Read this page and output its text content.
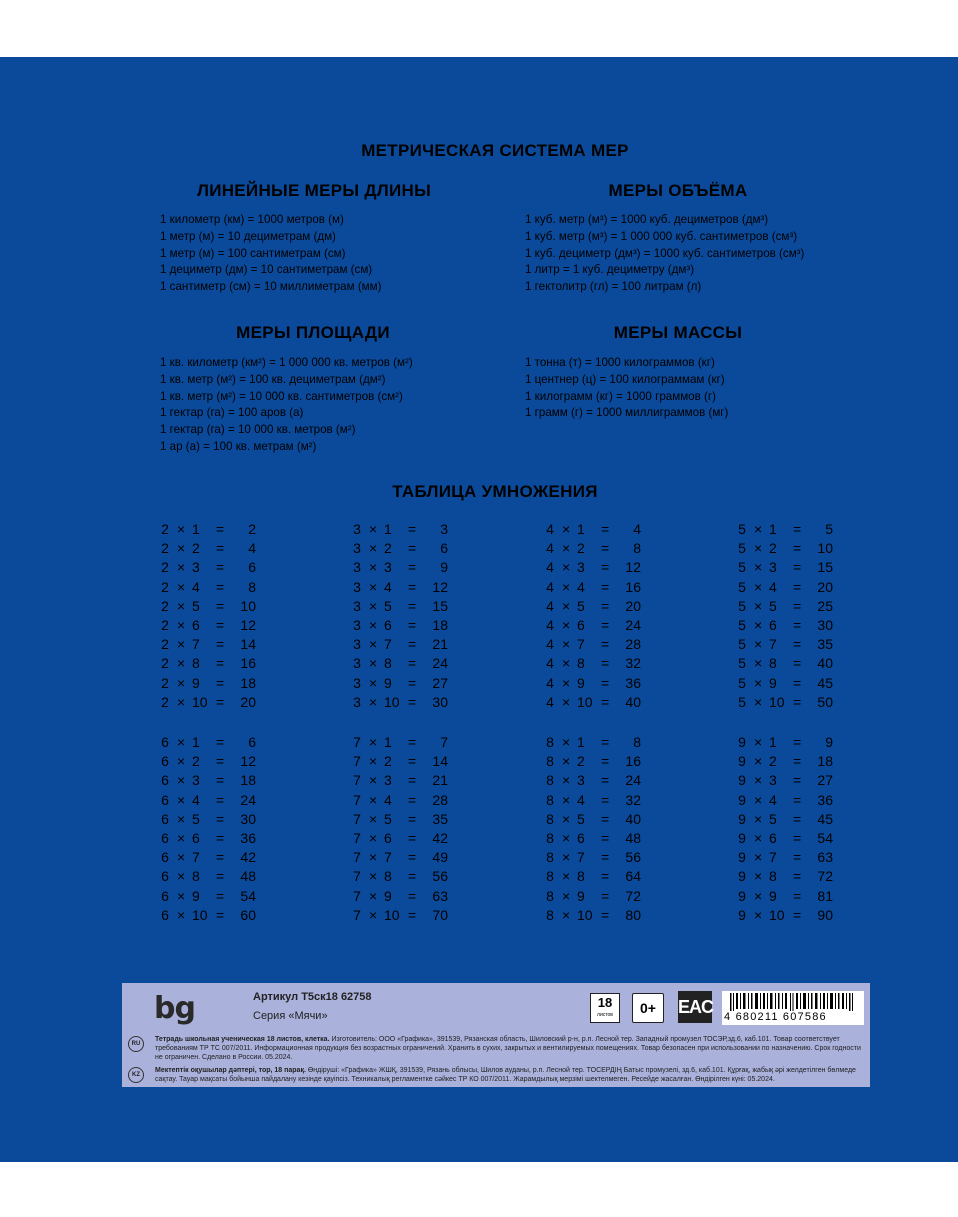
МЕТРИЧЕСКАЯ СИСТЕМА МЕР
ЛИНЕЙНЫЕ МЕРЫ ДЛИНЫ
1 километр (км) = 1000 метров (м)
1 метр (м) = 10 дециметрам (дм)
1 метр (м) = 100 сантиметрам (см)
1 дециметр (дм) = 10 сантиметрам (см)
1 сантиметр (см) = 10 миллиметрам (мм)
МЕРЫ ОБЪЁМА
1 куб. метр (м³) = 1000 куб. дециметров (дм³)
1 куб. метр (м³) = 1 000 000 куб. сантиметров (см³)
1 куб. дециметр (дм³) = 1000 куб. сантиметров (см³)
1 литр = 1 куб. дециметру (дм³)
1 гектолитр (гл) = 100 литрам (л)
МЕРЫ ПЛОЩАДИ
1 кв. километр (км²) = 1 000 000 кв. метров (м²)
1 кв. метр (м²) = 100 кв. дециметрам (дм²)
1 кв. метр (м²) = 10 000 кв. сантиметров (см²)
1 гектар (га) = 100 аров (а)
1 гектар (га) = 10 000 кв. метров (м²)
1 ар (а) = 100 кв. метрам (м²)
МЕРЫ МАССЫ
1 тонна (т) = 1000 килограммов (кг)
1 центнер (ц) = 100 килограммам (кг)
1 килограмм (кг) = 1000 граммов (г)
1 грамм (г) = 1000 миллиграммов (мг)
ТАБЛИЦА УМНОЖЕНИЯ
2 × 1	=	2
2 × 2	=	4
2 × 3	=	6
2 × 4	=	8
2 × 5	=	10
2 × 6	=	12
2 × 7	=	14
2 × 8	=	16
2 × 9	=	18
2 × 10 =	20
3 × 1	=	3
3 × 2	=	6
3 × 3	=	9
3 × 4	=	12
3 × 5	=	15
3 × 6	=	18
3 × 7	=	21
3 × 8	=	24
3 × 9	=	27
3 × 10 =	30
4 × 1	=	4
4 × 2	=	8
4 × 3	=	12
4 × 4	=	16
4 × 5	=	20
4 × 6	=	24
4 × 7	=	28
4 × 8	=	32
4 × 9	=	36
4 × 10 =	40
5 × 1	=	5
5 × 2	=	10
5 × 3	=	15
5 × 4	=	20
5 × 5	=	25
5 × 6	=	30
5 × 7	=	35
5 × 8	=	40
5 × 9	=	45
5 × 10 =	50
6 × 1	=	6
6 × 2	=	12
6 × 3	=	18
6 × 4	=	24
6 × 5	=	30
6 × 6	=	36
6 × 7	=	42
6 × 8	=	48
6 × 9	=	54
6 × 10 =	60
7 × 1	=	7
7 × 2	=	14
7 × 3	=	21
7 × 4	=	28
7 × 5	=	35
7 × 6	=	42
7 × 7	=	49
7 × 8	=	56
7 × 9	=	63
7 × 10 =	70
8 × 1	=	8
8 × 2	=	16
8 × 3	=	24
8 × 4	=	32
8 × 5	=	40
8 × 6	=	48
8 × 7	=	56
8 × 8	=	64
8 × 9	=	72
8 × 10 =	80
9 × 1	=	9
9 × 2	=	18
9 × 3	=	27
9 × 4	=	36
9 × 5	=	45
9 × 6	=	54
9 × 7	=	63
9 × 8	=	72
9 × 9	=	81
9 × 10 =	90
bg	Артикул Т5ск18 62758
Серия «Мячи»
18
листов	0+	EAC 4 680211 607586
RU
Тетрадь школьная ученическая 18 листов, клетка. Изготовитель: ООО «Графика», 391539, Рязанская область, Шиловский р-н, р.п. Лесной тер. Западный промузел ТОСЭР,зд.6, каб.101. Товар соответствует требованиям ТР ТС 007/2011. Информационная продукция без возрастных ограничений. Хранить в сухих, закрытых и вентилируемых помещениях. Товар безопасен при использовании по назначению. Срок годности не ограничен. Сделано в России. 05.2024.
KZ
Мектептік оқушылар дәптері, тор, 18 парақ. Өндіруші: «Графика» ЖШҚ, 391539, Рязань облысы, Шилов ауданы, р.п. Лесной тер. ТОСЕРДІҢ Батыс промузелі, зд.6, каб.101. Құрғақ, жабық әрі желдетілген бөлмеде сақтау. Тауар мақсаты бойынша пайдалану кезінде қауіпсіз. Техникалық регламентке сәйкес ТР КО 007/2011. Жарамдылық мерзімі шектелмеген. Ресейде жасалған. Өндірілген күні: 05.2024.
